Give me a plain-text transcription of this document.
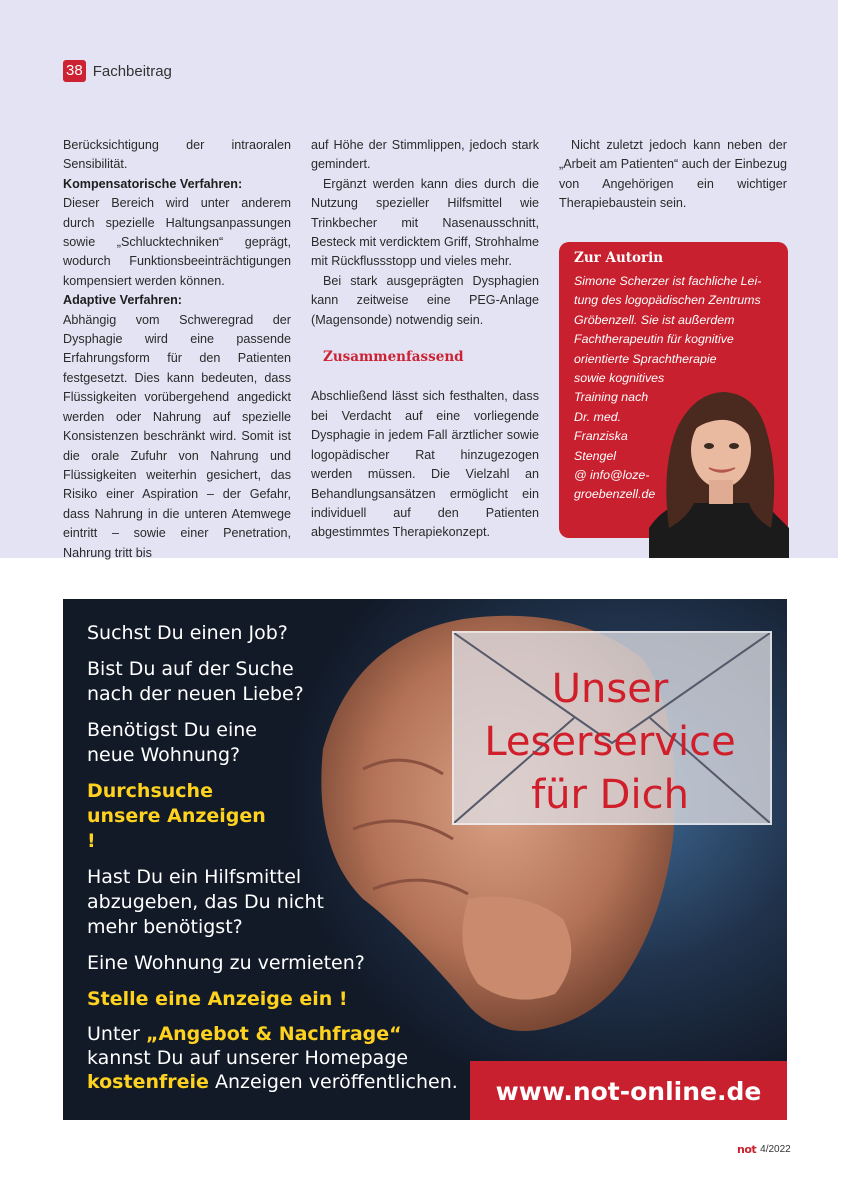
38 Fachbeitrag

Berücksichtigung der intraoralen Sensibilität.

Kompensatorische Verfahren:

Dieser Bereich wird unter anderem durch spezielle Haltungsanpassungen sowie „Schlucktechniken“ geprägt, wodurch Funktionsbeeinträchtigungen kompensiert werden können.

Adaptive Verfahren:

Abhängig vom Schweregrad der Dysphagie wird eine passende Erfahrungsform für den Patienten festgesetzt. Dies kann bedeuten, dass Flüssigkeiten vorübergehend angedickt werden oder Nahrung auf spezielle Konsistenzen beschränkt wird. Somit ist die orale Zufuhr von Nahrung und Flüssigkeiten weiterhin gesichert, das Risiko einer Aspiration – der Gefahr, dass Nahrung in die unteren Atemwege eintritt – sowie einer Penetration, Nahrung tritt bis

auf Höhe der Stimmlippen, jedoch stark gemindert.

Ergänzt werden kann dies durch die Nutzung spezieller Hilfsmittel wie Trinkbecher mit Nasenausschnitt, Besteck mit verdicktem Griff, Strohhalme mit Rückflussstopp und vieles mehr.

Bei stark ausgeprägten Dysphagien kann zeitweise eine PEG-Anlage (Magensonde) notwendig sein.

Zusammenfassend

Abschließend lässt sich festhalten, dass bei Verdacht auf eine vorliegende Dysphagie in jedem Fall ärztlicher sowie logopädischer Rat hinzugezogen werden müssen. Die Vielzahl an Behandlungsansätzen ermöglicht ein individuell auf den Patienten abgestimmtes Therapiekonzept.

Nicht zuletzt jedoch kann neben der „Arbeit am Patienten“ auch der Einbezug von Angehörigen ein wichtiger Therapiebaustein sein.

Zur Autorin
Simone Scherzer ist fachliche Lei-
tung des logopädischen Zentrums
Gröbenzell. Sie ist außerdem
Fachtherapeutin für kognitive
orientierte Sprachtherapie
sowie kognitives
Training nach
Dr. med.
Franziska
Stengel
@ info@loze-
groebenzell.de
Unser
Leserservice
für Dich

Suchst Du einen Job?

Bist Du auf der Suche nach der neuen Liebe?

Benötigst Du eine neue Wohnung?

Durchsuche unsere Anzeigen !

Hast Du ein Hilfsmittel abzugeben, das Du nicht mehr benötigst?

Eine Wohnung zu vermieten?

Stelle eine Anzeige ein !

Unter „Angebot & Nachfrage“
kannst Du auf unserer Homepage
kostenfreie Anzeigen veröffentlichen. www.not-online.de
not 4/2022
